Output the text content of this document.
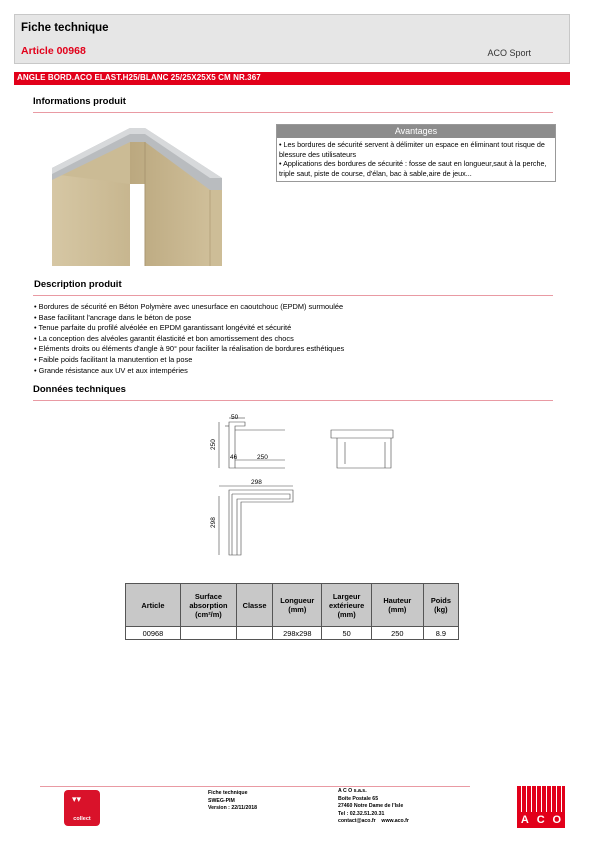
Fiche technique
Article 00968	ACO Sport
ANGLE BORD.ACO ELAST.H25/BLANC 25/25X25X5 CM NR.367
Informations produit
Avantages
• Les bordures de sécurité servent à délimiter un espace en éliminant tout risque de blessure des utilisateurs
• Applications des bordures de sécurité : fosse de saut en longueur,saut à la perche, triple saut, piste de course, d'élan, bac à sable,aire de jeux...
Description produit
• Bordures de sécurité en Béton Polymère avec unesurface en caoutchouc (EPDM) surmoulée
• Base facilitant l'ancrage dans le béton de pose
• Tenue parfaite du profilé alvéolée en EPDM garantissant longévité et sécurité
• La conception des alvéoles garantit élasticité et bon amortissement des chocs
• Eléments droits ou éléments d'angle à 90° pour faciliter la réalisation de bordures esthétiques
• Faible poids facilitant la manutention et la pose
• Grande résistance aux UV et aux intempéries
Données techniques
50
250
46	250
298
298
Article	Surface absorption (cm²/m)	Classe	Longueur (mm)	Largeur extérieure (mm)	Hauteur (mm)	Poids (kg)
00968			298x298	50	250	8.9
▾▾
collect
Fiche technique
SWEG-PIM
Version : 22/11/2018
A C O s.a.s.
Boîte Postale 65
27460 Notre Dame de l'Isle
Tel : 02.32.51.20.31
contact@aco.fr www.aco.fr	A C O
